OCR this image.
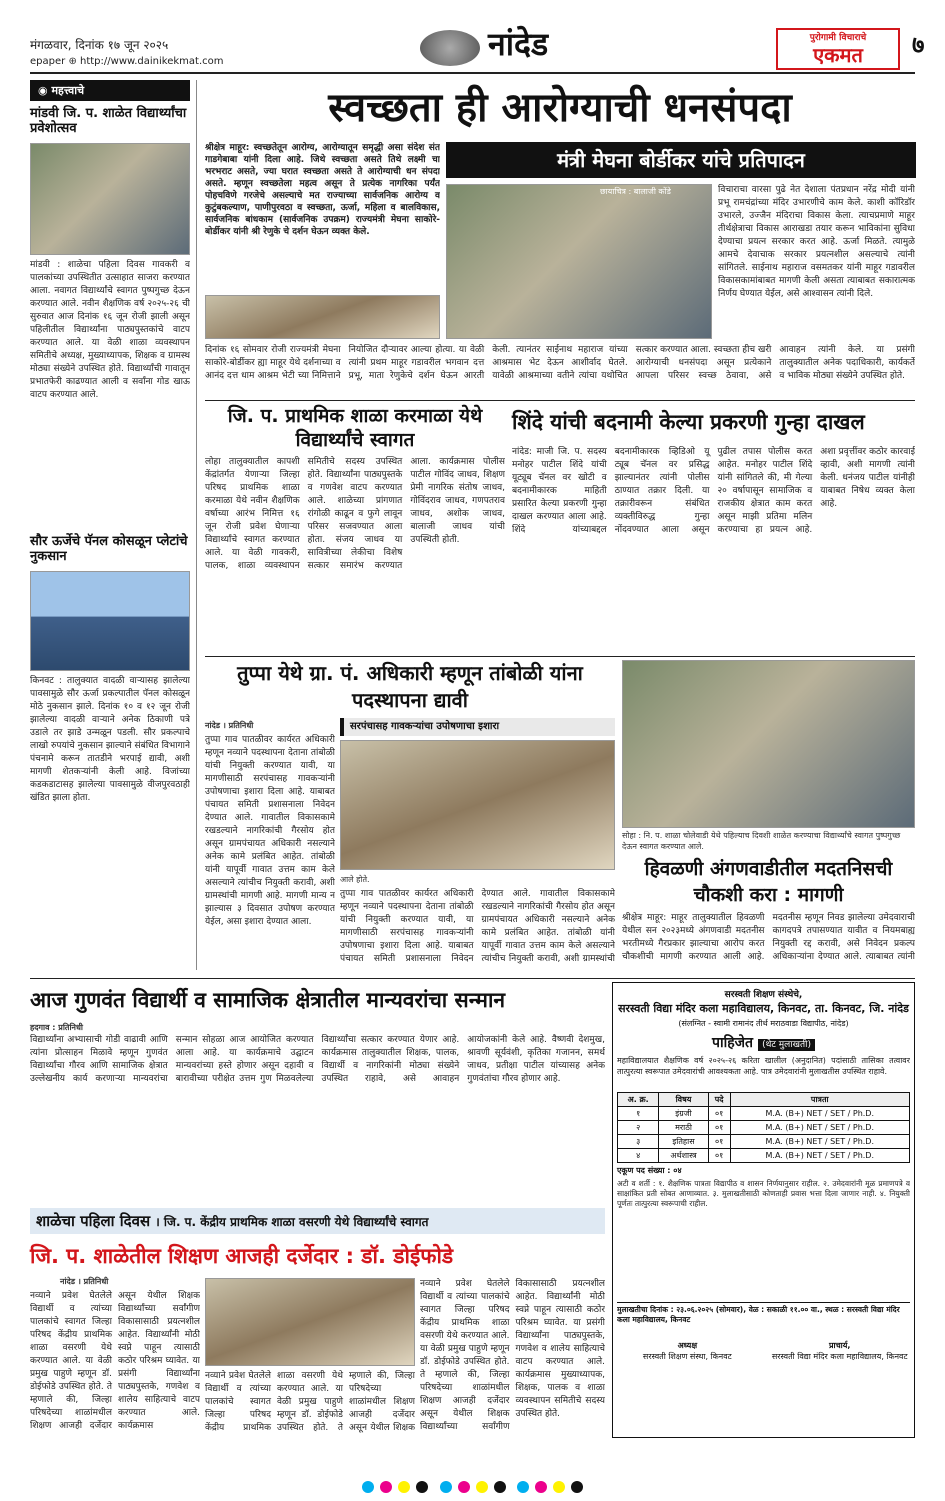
मंगळवार, दिनांक १७ जून २०२५
epaper ⊕ http://www.dainikekmat.com	नांदेड	पुरोगामी विचाराचे
एकमत	७
◉ महत्त्वाचे
मांडवी जि. प. शाळेत विद्यार्थ्यांचा प्रवेशोत्सव
मांडवी : शाळेचा पहिला दिवस गावकरी व पालकांच्या उपस्थितीत उत्साहात साजरा करण्यात आला. नवागत विद्यार्थ्यांचे स्वागत पुष्पगुच्छ देऊन करण्यात आले. नवीन शैक्षणिक वर्ष २०२५-२६ ची सुरुवात आज दिनांक १६ जून रोजी झाली असून पहिलीतील विद्यार्थ्यांना पाठ्यपुस्तकांचे वाटप करण्यात आले. या वेळी शाळा व्यवस्थापन समितीचे अध्यक्ष, मुख्याध्यापक, शिक्षक व ग्रामस्थ मोठ्या संख्येने उपस्थित होते. विद्यार्थ्यांची गावातून प्रभातफेरी काढण्यात आली व सर्वांना गोड खाऊ वाटप करण्यात आले.
सौर ऊर्जेचे पॅनल कोसळून प्लेटांचे नुकसान
किनवट : तालुक्यात वादळी वाऱ्यासह झालेल्या पावसामुळे सौर ऊर्जा प्रकल्पातील पॅनल कोसळून मोठे नुकसान झाले. दिनांक १० व १२ जून रोजी झालेल्या वादळी वाऱ्याने अनेक ठिकाणी पत्रे उडाले तर झाडे उन्मळून पडली. सौर प्रकल्पाचे लाखो रुपयांचे नुकसान झाल्याने संबंधित विभागाने पंचनामे करून तातडीने भरपाई द्यावी, अशी मागणी शेतकऱ्यांनी केली आहे. विजांच्या कडकडाटासह झालेल्या पावसामुळे वीजपुरवठाही खंडित झाला होता.
स्वच्छता ही आरोग्याची धनसंपदा
श्रीक्षेत्र माहूर: स्वच्छतेतून आरोग्य, आरोग्यातून समृद्धी असा संदेश संत गाडगेबाबा यांनी दिला आहे. जिथे स्वच्छता असते तिथे लक्ष्मी चा भरभराट असते, ज्या घरात स्वच्छता असते ते आरोग्याची धन संपदा असते. म्हणून स्वच्छतेला महत्व असून ते प्रत्येक नागरिका पर्यंत पोहचविणे गरजेचे असल्याचे मत राज्याच्या सार्वजनिक आरोग्य व कुटुंबकल्याण, पाणीपुरवठा व स्वच्छता, ऊर्जा, महिला व बालविकास, सार्वजनिक बांधकाम (सार्वजनिक उपक्रम) राज्यमंत्री मेघना साकोरे-बोर्डीकर यांनी श्री रेणुके चे दर्शन घेऊन व्यक्त केले.
मंत्री मेघना बोर्डीकर यांचे प्रतिपादन
छायाचित्र : बालाजी कोंडे	विचाराचा वारसा पुढे नेत देशाला पंतप्रधान नरेंद्र मोदी यांनी प्रभू रामचंद्रांच्या मंदिर उभारणीचे काम केले. काशी कॉरिडॉर उभारले, उज्जैन मंदिराचा विकास केला. त्याचप्रमाणे माहूर तीर्थक्षेत्राचा विकास आराखडा तयार करून भाविकांना सुविधा देण्याचा प्रयत्न सरकार करत आहे. ऊर्जा मिळते. त्यामुळे आमचे देवाचाक सरकार प्रयत्नशील असल्याचे त्यांनी सांगितले. साईनाथ महाराज वसमतकर यांनी माहूर गडावरील विकासकामांबाबत मागणी केली असता त्याबाबत सकारात्मक निर्णय घेण्यात येईल, असे आश्वासन त्यांनी दिले.
दिनांक १६ सोमवार रोजी राज्यमंत्री मेघना साकोरे-बोर्डीकर ह्या माहूर येथे दर्शनाच्या व आनंद दत्त धाम आश्रम भेटी च्या निमित्ताने नियोजित दौऱ्यावर आल्या होत्या. या वेळी त्यांनी प्रथम माहूर गडावरील भगवान दत्त प्रभू, माता रेणुकेचे दर्शन घेऊन आरती केली. त्यानंतर साईनाथ महाराज यांच्या आश्रमास भेट देऊन आशीर्वाद घेतले. यावेळी आश्रमाच्या वतीने त्यांचा यथोचित सत्कार करण्यात आला. स्वच्छता हीच खरी आरोग्याची धनसंपदा असून प्रत्येकाने आपला परिसर स्वच्छ ठेवावा, असे आवाहन त्यांनी केले. या प्रसंगी तालुक्यातील अनेक पदाधिकारी, कार्यकर्ते व भाविक मोठ्या संख्येने उपस्थित होते.
जि. प. प्राथमिक शाळा करमाळा येथे विद्यार्थ्यांचे स्वागत
लोहा तालुक्यातील कापशी केंद्रांतर्गत येणाऱ्या जिल्हा परिषद प्राथमिक शाळा करमाळा येथे नवीन शैक्षणिक वर्षाच्या आरंभ निमित्त १६ जून रोजी प्रवेश घेणाऱ्या विद्यार्थ्यांचे स्वागत करण्यात आले. या वेळी गावकरी, पालक, शाळा व्यवस्थापन समितीचे सदस्य उपस्थित होते. विद्यार्थ्यांना पाठ्यपुस्तके व गणवेश वाटप करण्यात आले. शाळेच्या प्रांगणात रांगोळी काढून व फुगे लावून परिसर सजवण्यात आला होता. संजय जाधव या सावित्रीच्या लेकीचा विशेष सत्कार समारंभ करण्यात आला. कार्यक्रमास पोलीस पाटील गोविंद जाधव, शिक्षण प्रेमी नागरिक संतोष जाधव, गोविंदराव जाधव, गणपतराव जाधव, अशोक जाधव, बालाजी जाधव यांची उपस्थिती होती.
शिंदे यांची बदनामी केल्या प्रकरणी गुन्हा दाखल
नांदेड: माजी जि. प. सदस्य मनोहर पाटील शिंदे यांची यूट्यूब चॅनल वर खोटी व बदनामीकारक माहिती प्रसारित केल्या प्रकरणी गुन्हा दाखल करण्यात आला आहे. शिंदे यांच्याबद्दल बदनामीकारक व्हिडिओ यू ट्यूब चॅनल वर प्रसिद्ध झाल्यानंतर त्यांनी पोलीस ठाण्यात तक्रार दिली. या तक्रारीवरून संबंधित व्यक्तीविरुद्ध गुन्हा नोंदवण्यात आला असून पुढील तपास पोलीस करत आहेत. मनोहर पाटील शिंदे यांनी सांगितले की, मी गेल्या २० वर्षापासून सामाजिक व राजकीय क्षेत्रात काम करत असून माझी प्रतिमा मलिन करण्याचा हा प्रयत्न आहे. अशा प्रवृत्तींवर कठोर कारवाई व्हावी, अशी मागणी त्यांनी केली. धनंजय पाटील यांनीही याबाबत निषेध व्यक्त केला आहे.
तुप्पा येथे ग्रा. पं. अधिकारी म्हणून तांबोळी यांना पदस्थापना द्यावी
सरपंचासह गावकऱ्यांचा उपोषणाचा इशारा
नांदेड । प्रतिनिधी
तुप्पा गाव पातळीवर कार्यरत अधिकारी म्हणून नव्याने पदस्थापना देताना तांबोळी यांची नियुक्ती करण्यात यावी, या मागणीसाठी सरपंचासह गावकऱ्यांनी उपोषणाचा इशारा दिला आहे. याबाबत पंचायत समिती प्रशासनाला निवेदन देण्यात आले. गावातील विकासकामे रखडल्याने नागरिकांची गैरसोय होत असून ग्रामपंचायत अधिकारी नसल्याने अनेक कामे प्रलंबित आहेत. तांबोळी यांनी यापूर्वी गावात उत्तम काम केले असल्याने त्यांचीच नियुक्ती करावी, अशी ग्रामस्थांची मागणी आहे. मागणी मान्य न झाल्यास ३ दिवसात उपोषण करण्यात येईल, असा इशारा देण्यात आला.
आले होते.
तुप्पा गाव पातळीवर कार्यरत अधिकारी म्हणून नव्याने पदस्थापना देताना तांबोळी यांची नियुक्ती करण्यात यावी, या मागणीसाठी सरपंचासह गावकऱ्यांनी उपोषणाचा इशारा दिला आहे. याबाबत पंचायत समिती प्रशासनाला निवेदन देण्यात आले. गावातील विकासकामे रखडल्याने नागरिकांची गैरसोय होत असून ग्रामपंचायत अधिकारी नसल्याने अनेक कामे प्रलंबित आहेत. तांबोळी यांनी यापूर्वी गावात उत्तम काम केले असल्याने त्यांचीच नियुक्ती करावी, अशी ग्रामस्थांची
सोहा : नि. प. शाळा चोलेवाडी येथे पहिल्याच दिवशी शाळेत करण्याचा विद्यार्थ्यांचे स्वागत पुष्पगुच्छ देऊन स्वागत करण्यात आले.
हिवळणी अंगणवाडीतील मदतनिसची चौकशी करा : मागणी
श्रीक्षेत्र माहूर: माहूर तालुक्यातील हिवळणी येथील सन २०२३मध्ये अंगणवाडी मदतनीस भरतीमध्ये गैरप्रकार झाल्याचा आरोप करत चौकशीची मागणी करण्यात आली आहे. मदतनीस म्हणून निवड झालेल्या उमेदवाराची कागदपत्रे तपासण्यात यावीत व नियमबाह्य नियुक्ती रद्द करावी, असे निवेदन प्रकल्प अधिकाऱ्यांना देण्यात आले. त्याबाबत त्यांनी
आज गुणवंत विद्यार्थी व सामाजिक क्षेत्रातील मान्यवरांचा सन्मान
हदगाव : प्रतिनिधी
विद्यार्थ्यांना अभ्यासाची गोडी वाढावी आणि त्यांना प्रोत्साहन मिळावे म्हणून गुणवंत विद्यार्थ्यांचा गौरव आणि सामाजिक क्षेत्रात उल्लेखनीय कार्य करणाऱ्या मान्यवरांचा सन्मान सोहळा आज आयोजित करण्यात आला आहे. या कार्यक्रमाचे उद्घाटन मान्यवरांच्या हस्ते होणार असून दहावी व बारावीच्या परीक्षेत उत्तम गुण मिळवलेल्या विद्यार्थ्यांचा सत्कार करण्यात येणार आहे. कार्यक्रमास तालुक्यातील शिक्षक, पालक, विद्यार्थी व नागरिकांनी मोठ्या संख्येने उपस्थित राहावे, असे आवाहन आयोजकांनी केले आहे. वैष्णवी देशमुख, श्रावणी सूर्यवंशी, कृतिका गजानन, समर्थ जाधव, प्रतीक्षा पाटील यांच्यासह अनेक गुणवंतांचा गौरव होणार आहे.
शाळेचा पहिला दिवस । जि. प. केंद्रीय प्राथमिक शाळा वसरणी येथे विद्यार्थ्यांचे स्वागत
जि. प. शाळेतील शिक्षण आजही दर्जेदार : डॉ. डोईफोडे
नांदेड । प्रतिनिधी
नव्याने प्रवेश घेतलेले विद्यार्थी व त्यांच्या पालकांचे स्वागत जिल्हा परिषद केंद्रीय प्राथमिक शाळा वसरणी येथे करण्यात आले. या वेळी प्रमुख पाहुणे म्हणून डॉ. डोईफोडे उपस्थित होते. ते म्हणाले की, जिल्हा परिषदेच्या शाळांमधील शिक्षण आजही दर्जेदार असून येथील शिक्षक विद्यार्थ्यांच्या सर्वांगीण विकासासाठी प्रयत्नशील आहेत. विद्यार्थ्यांनी मोठी स्वप्ने पाहून त्यासाठी कठोर परिश्रम घ्यावेत. या प्रसंगी विद्यार्थ्यांना पाठ्यपुस्तके, गणवेश व शालेय साहित्याचे वाटप करण्यात आले. कार्यक्रमास
नव्याने प्रवेश घेतलेले विद्यार्थी व त्यांच्या पालकांचे स्वागत जिल्हा परिषद केंद्रीय प्राथमिक शाळा वसरणी येथे करण्यात आले. या वेळी प्रमुख पाहुणे म्हणून डॉ. डोईफोडे उपस्थित होते. ते म्हणाले की, जिल्हा परिषदेच्या शाळांमधील शिक्षण आजही दर्जेदार असून येथील शिक्षक
नव्याने प्रवेश घेतलेले विद्यार्थी व त्यांच्या पालकांचे स्वागत जिल्हा परिषद केंद्रीय प्राथमिक शाळा वसरणी येथे करण्यात आले. या वेळी प्रमुख पाहुणे म्हणून डॉ. डोईफोडे उपस्थित होते. ते म्हणाले की, जिल्हा परिषदेच्या शाळांमधील शिक्षण आजही दर्जेदार असून येथील शिक्षक विद्यार्थ्यांच्या सर्वांगीण विकासासाठी प्रयत्नशील आहेत. विद्यार्थ्यांनी मोठी स्वप्ने पाहून त्यासाठी कठोर परिश्रम घ्यावेत. या प्रसंगी विद्यार्थ्यांना पाठ्यपुस्तके, गणवेश व शालेय साहित्याचे वाटप करण्यात आले. कार्यक्रमास मुख्याध्यापक, शिक्षक, पालक व शाळा व्यवस्थापन समितीचे सदस्य उपस्थित होते.
सरस्वती शिक्षण संस्थेचे,
सरस्वती विद्या मंदिर कला महाविद्यालय, किनवट, ता. किनवट, जि. नांदेड
(संलग्नित - स्वामी रामानंद तीर्थ मराठवाडा विद्यापीठ, नांदेड)
पाहिजेत (थेट मुलाखती)
महाविद्यालयात शैक्षणिक वर्ष २०२५-२६ करिता खालील (अनुदानित) पदांसाठी तासिका तत्वावर तात्पुरत्या स्वरूपात उमेदवारांची आवश्यकता आहे. पात्र उमेदवारांनी मुलाखतीस उपस्थित राहावे.
अ. क्र.	विषय	पदे	पात्रता
१	इंग्रजी	०१	M.A. (B+) NET / SET / Ph.D.
२	मराठी	०१	M.A. (B+) NET / SET / Ph.D.
३	इतिहास	०१	M.A. (B+) NET / SET / Ph.D.
४	अर्थशास्त्र	०१	M.A. (B+) NET / SET / Ph.D.
एकूण पद संख्या : ०४
अटी व शर्ती : १. शैक्षणिक पात्रता विद्यापीठ व शासन निर्णयानुसार राहील. २. उमेदवारांनी मूळ प्रमाणपत्रे व साक्षांकित प्रती सोबत आणाव्यात. ३. मुलाखतीसाठी कोणताही प्रवास भत्ता दिला जाणार नाही. ४. नियुक्ती पूर्णतः तात्पुरत्या स्वरूपाची राहील.
मुलाखतीचा दिनांक : २३.०६.२०२५ (सोमवार), वेळ : सकाळी ११.०० वा., स्थळ : सरस्वती विद्या मंदिर कला महाविद्यालय, किनवट
अध्यक्ष
सरस्वती शिक्षण संस्था, किनवट
प्राचार्य,
सरस्वती विद्या मंदिर कला महाविद्यालय, किनवट
